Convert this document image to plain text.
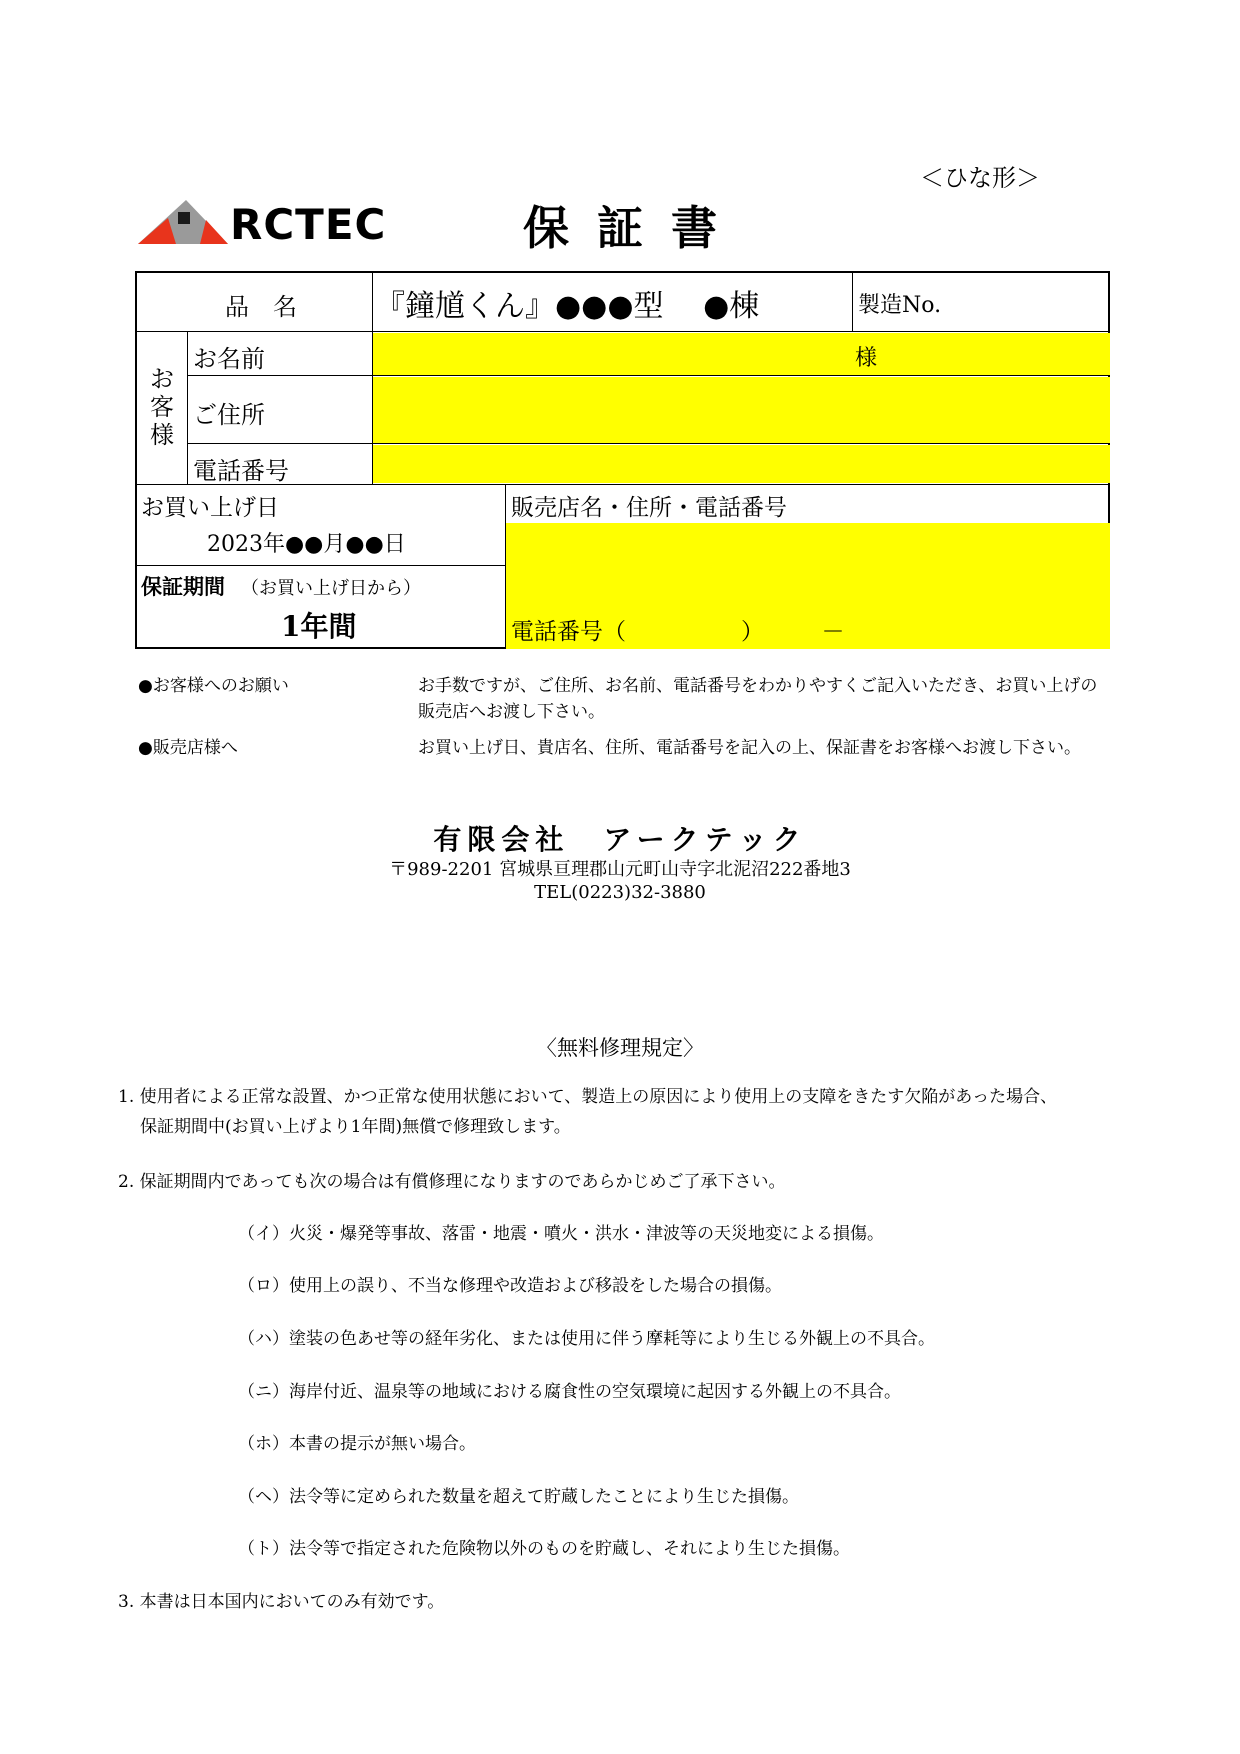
＜ひな形＞
RCTEC	保証書
品　名	『鐘馗くん』●●●型　 ●棟	製造No.
お客様
お名前	様
ご住所
電話番号
お買い上げ日
2023年●●月●●日
保証期間 （お買い上げ日から）
1年間
販売店名・住所・電話番号
電話番号（　　　　　）　　　－
●お客様へのお願い	お手数ですが、ご住所、お名前、電話番号をわかりやすくご記入いただき、お買い上げの
販売店へお渡し下さい。
●販売店様へ	お買い上げ日、貴店名、住所、電話番号を記入の上、保証書をお客様へお渡し下さい。
有限会社　アークテック
〒989-2201 宮城県亘理郡山元町山寺字北泥沼222番地3
TEL(0223)32-3880
〈無料修理規定〉
1. 使用者による正常な設置、かつ正常な使用状態において、製造上の原因により使用上の支障をきたす欠陥があった場合、
保証期間中(お買い上げより1年間)無償で修理致します。
2. 保証期間内であっても次の場合は有償修理になりますのであらかじめご了承下さい。
（イ）火災・爆発等事故、落雷・地震・噴火・洪水・津波等の天災地変による損傷。
（ロ）使用上の誤り、不当な修理や改造および移設をした場合の損傷。
（ハ）塗装の色あせ等の経年劣化、または使用に伴う摩耗等により生じる外観上の不具合。
（ニ）海岸付近、温泉等の地域における腐食性の空気環境に起因する外観上の不具合。
（ホ）本書の提示が無い場合。
（ヘ）法令等に定められた数量を超えて貯蔵したことにより生じた損傷。
（ト）法令等で指定された危険物以外のものを貯蔵し、それにより生じた損傷。
3. 本書は日本国内においてのみ有効です。
